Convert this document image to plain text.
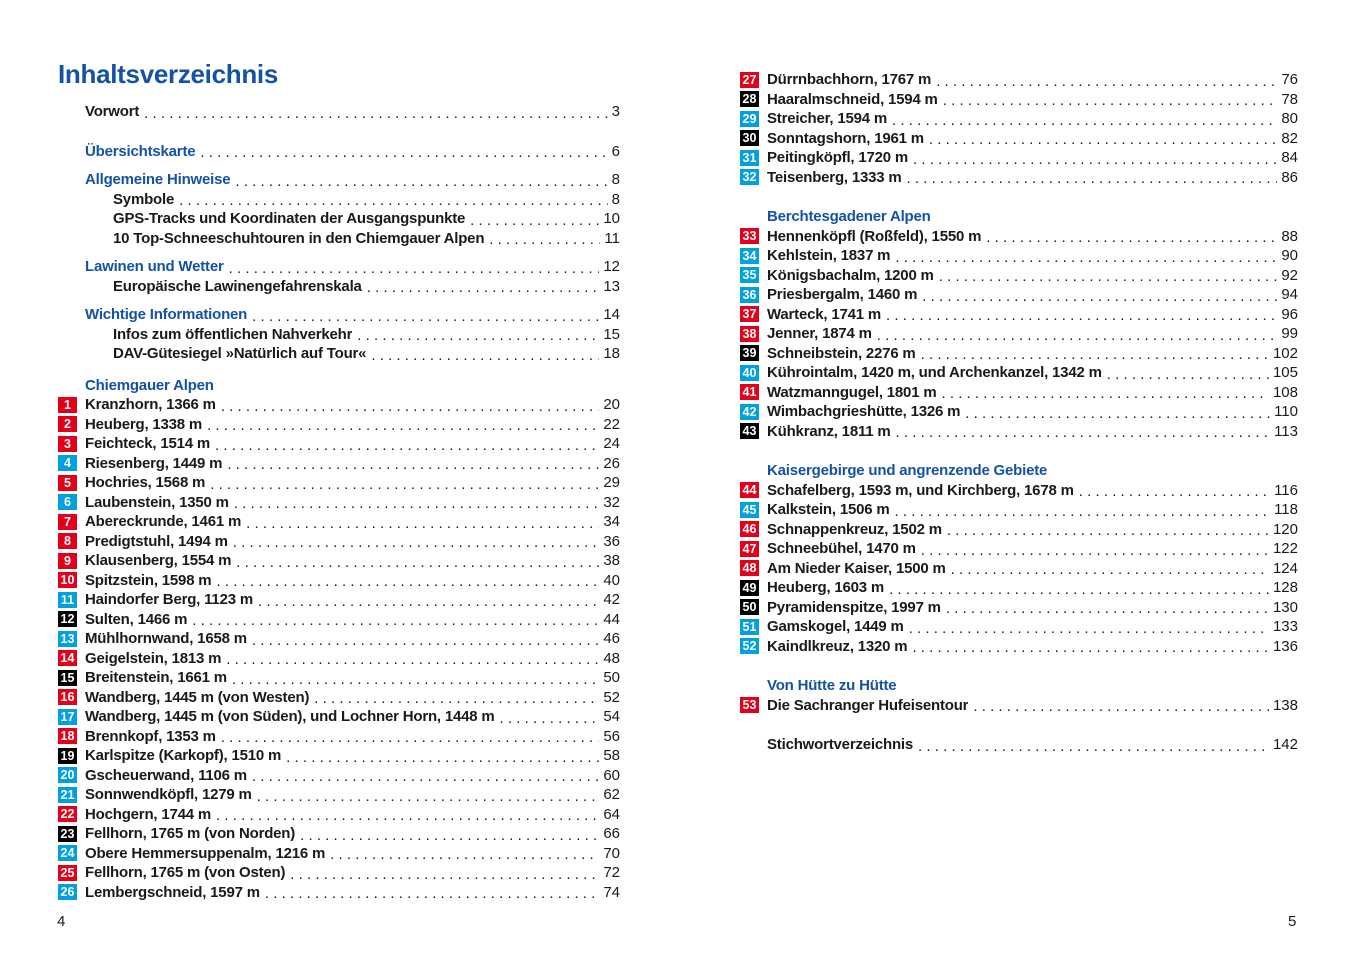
Inhaltsverzeichnis
Vorwort .....	3
Übersichtskarte .....	6
Allgemeine Hinweise .....	8
Symbole .....	8
GPS-Tracks und Koordinaten der Ausgangspunkte .....	10
10 Top-Schneeschuhtouren in den Chiemgauer Alpen .....	11
Lawinen und Wetter .....	12
Europäische Lawinengefahrenskala .....	13
Wichtige Informationen .....	14
Infos zum öffentlichen Nahverkehr .....	15
DAV-Gütesiegel »Natürlich auf Tour« .....	18
Chiemgauer Alpen
1 Kranzhorn, 1366 m .....	20
2 Heuberg, 1338 m .....	22
3 Feichteck, 1514 m .....	24
4 Riesenberg, 1449 m .....	26
5 Hochries, 1568 m .....	29
6 Laubenstein, 1350 m .....	32
7 Abereckrunde, 1461 m .....	34
8 Predigtstuhl, 1494 m .....	36
9 Klausenberg, 1554 m .....	38
10 Spitzstein, 1598 m .....	40
11 Haindorfer Berg, 1123 m .....	42
12 Sulten, 1466 m .....	44
13 Mühlhornwand, 1658 m .....	46
14 Geigelstein, 1813 m .....	48
15 Breitenstein, 1661 m .....	50
16 Wandberg, 1445 m (von Westen) .....	52
17 Wandberg, 1445 m (von Süden), und Lochner Horn, 1448 m .....	54
18 Brennkopf, 1353 m .....	56
19 Karlspitze (Karkopf), 1510 m .....	58
20 Gscheuerwand, 1106 m .....	60
21 Sonnwendköpfl, 1279 m .....	62
22 Hochgern, 1744 m .....	64
23 Fellhorn, 1765 m (von Norden) .....	66
24 Obere Hemmersuppenalm, 1216 m .....	70
25 Fellhorn, 1765 m (von Osten) .....	72
26 Lembergschneid, 1597 m .....	74
27 Dürrnbachhorn, 1767 m .....	76
28 Haaralmschneid, 1594 m .....	78
29 Streicher, 1594 m .....	80
30 Sonntagshorn, 1961 m .....	82
31 Peitingköpfl, 1720 m .....	84
32 Teisenberg, 1333 m .....	86
Berchtesgadener Alpen
33 Hennenköpfl (Roßfeld), 1550 m .....	88
34 Kehlstein, 1837 m .....	90
35 Königsbachalm, 1200 m .....	92
36 Priesbergalm, 1460 m .....	94
37 Warteck, 1741 m .....	96
38 Jenner, 1874 m .....	99
39 Schneibstein, 2276 m .....	102
40 Kührointalm, 1420 m, und Archenkanzel, 1342 m .....	105
41 Watzmanngugel, 1801 m .....	108
42 Wimbachgrieshütte, 1326 m .....	110
43 Kühkranz, 1811 m .....	113
Kaisergebirge und angrenzende Gebiete
44 Schafelberg, 1593 m, und Kirchberg, 1678 m .....	116
45 Kalkstein, 1506 m .....	118
46 Schnappenkreuz, 1502 m .....	120
47 Schneebühel, 1470 m .....	122
48 Am Nieder Kaiser, 1500 m .....	124
49 Heuberg, 1603 m .....	128
50 Pyramidenspitze, 1997 m .....	130
51 Gamskogel, 1449 m .....	133
52 Kaindlkreuz, 1320 m .....	136
Von Hütte zu Hütte
53 Die Sachranger Hufeisentour .....	138
Stichwortverzeichnis .....	142
4	5
